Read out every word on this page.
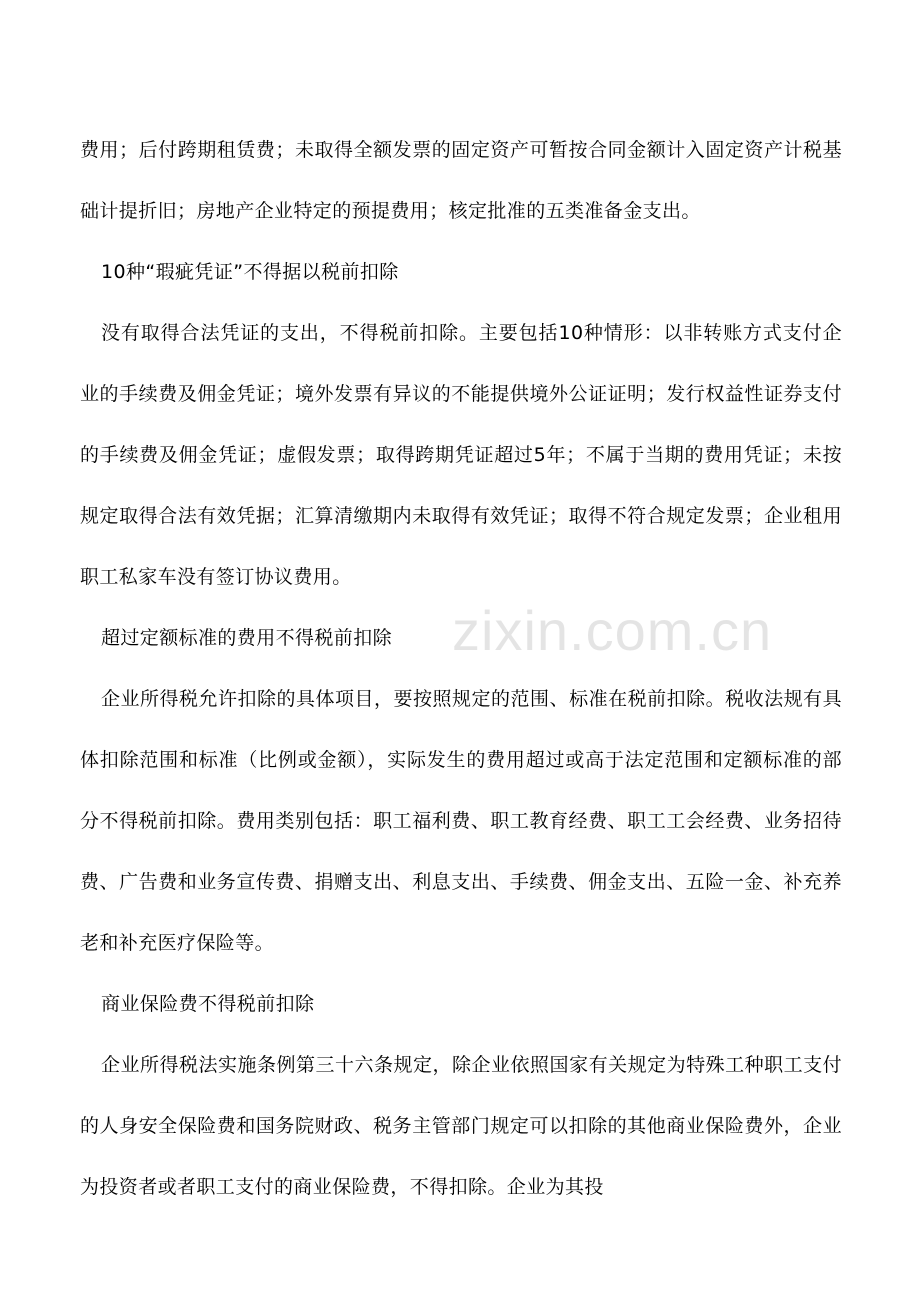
费用；后付跨期租赁费；未取得全额发票的固定资产可暂按合同金额计入固定资产计税基础计提折旧；房地产企业特定的预提费用；核定批准的五类准备金支出。

10种“瑕疵凭证”不得据以税前扣除

没有取得合法凭证的支出，不得税前扣除。主要包括10种情形：以非转账方式支付企业的手续费及佣金凭证；境外发票有异议的不能提供境外公证证明；发行权益性证券支付的手续费及佣金凭证；虚假发票；取得跨期凭证超过5年；不属于当期的费用凭证；未按规定取得合法有效凭据；汇算清缴期内未取得有效凭证；取得不符合规定发票；企业租用职工私家车没有签订协议费用。

超过定额标准的费用不得税前扣除

企业所得税允许扣除的具体项目，要按照规定的范围、标准在税前扣除。税收法规有具体扣除范围和标准（比例或金额），实际发生的费用超过或高于法定范围和定额标准的部分不得税前扣除。费用类别包括：职工福利费、职工教育经费、职工工会经费、业务招待费、广告费和业务宣传费、捐赠支出、利息支出、手续费、佣金支出、五险一金、补充养老和补充医疗保险等。

商业保险费不得税前扣除

企业所得税法实施条例第三十六条规定，除企业依照国家有关规定为特殊工种职工支付的人身安全保险费和国务院财政、税务主管部门规定可以扣除的其他商业保险费外，企业为投资者或者职工支付的商业保险费，不得扣除。企业为其投

zixin.com.cn
